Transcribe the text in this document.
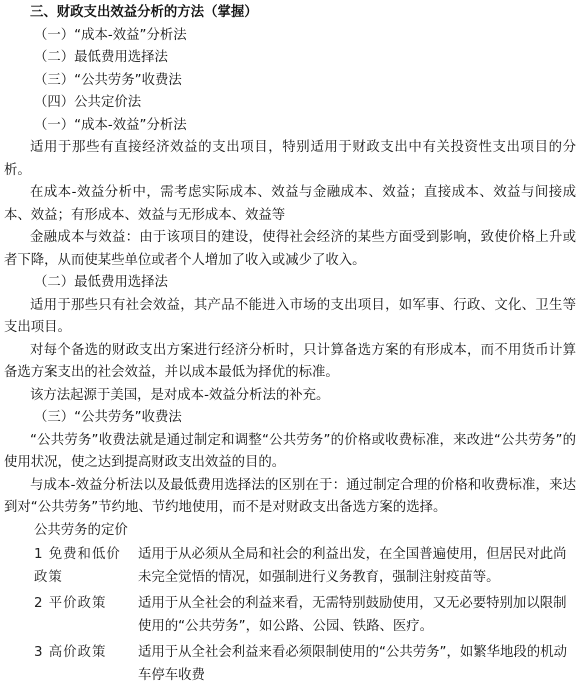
三、财政支出效益分析的方法（掌握）
（一）“成本-效益”分析法
（二）最低费用选择法
（三）“公共劳务”收费法
（四）公共定价法
（一）“成本-效益”分析法
适用于那些有直接经济效益的支出项目，特别适用于财政支出中有关投资性支出项目的分析。
在成本-效益分析中，需考虑实际成本、效益与金融成本、效益；直接成本、效益与间接成本、效益；有形成本、效益与无形成本、效益等
金融成本与效益：由于该项目的建设，使得社会经济的某些方面受到影响，致使价格上升或者下降，从而使某些单位或者个人增加了收入或减少了收入。
（二）最低费用选择法
适用于那些只有社会效益，其产品不能进入市场的支出项目，如军事、行政、文化、卫生等支出项目。
对每个备选的财政支出方案进行经济分析时，只计算备选方案的有形成本，而不用货币计算备选方案支出的社会效益，并以成本最低为择优的标准。
该方法起源于美国，是对成本-效益分析法的补充。
（三）“公共劳务”收费法
“公共劳务”收费法就是通过制定和调整“公共劳务”的价格或收费标准，来改进“公共劳务”的使用状况，使之达到提高财政支出效益的目的。
与成本-效益分析法以及最低费用选择法的区别在于：通过制定合理的价格和收费标准，来达到对“公共劳务”节约地、节约地使用，而不是对财政支出备选方案的选择。
公共劳务的定价
1 免费和低价政策	适用于从必须从全局和社会的利益出发，在全国普遍使用，但居民对此尚未完全觉悟的情况，如强制进行义务教育，强制注射疫苗等。
2 平价政策	适用于从全社会的利益来看，无需特别鼓励使用，又无必要特别加以限制使用的“公共劳务”，如公路、公园、铁路、医疗。
3 高价政策	适用于从全社会利益来看必须限制使用的“公共劳务”，如繁华地段的机动车停车收费
